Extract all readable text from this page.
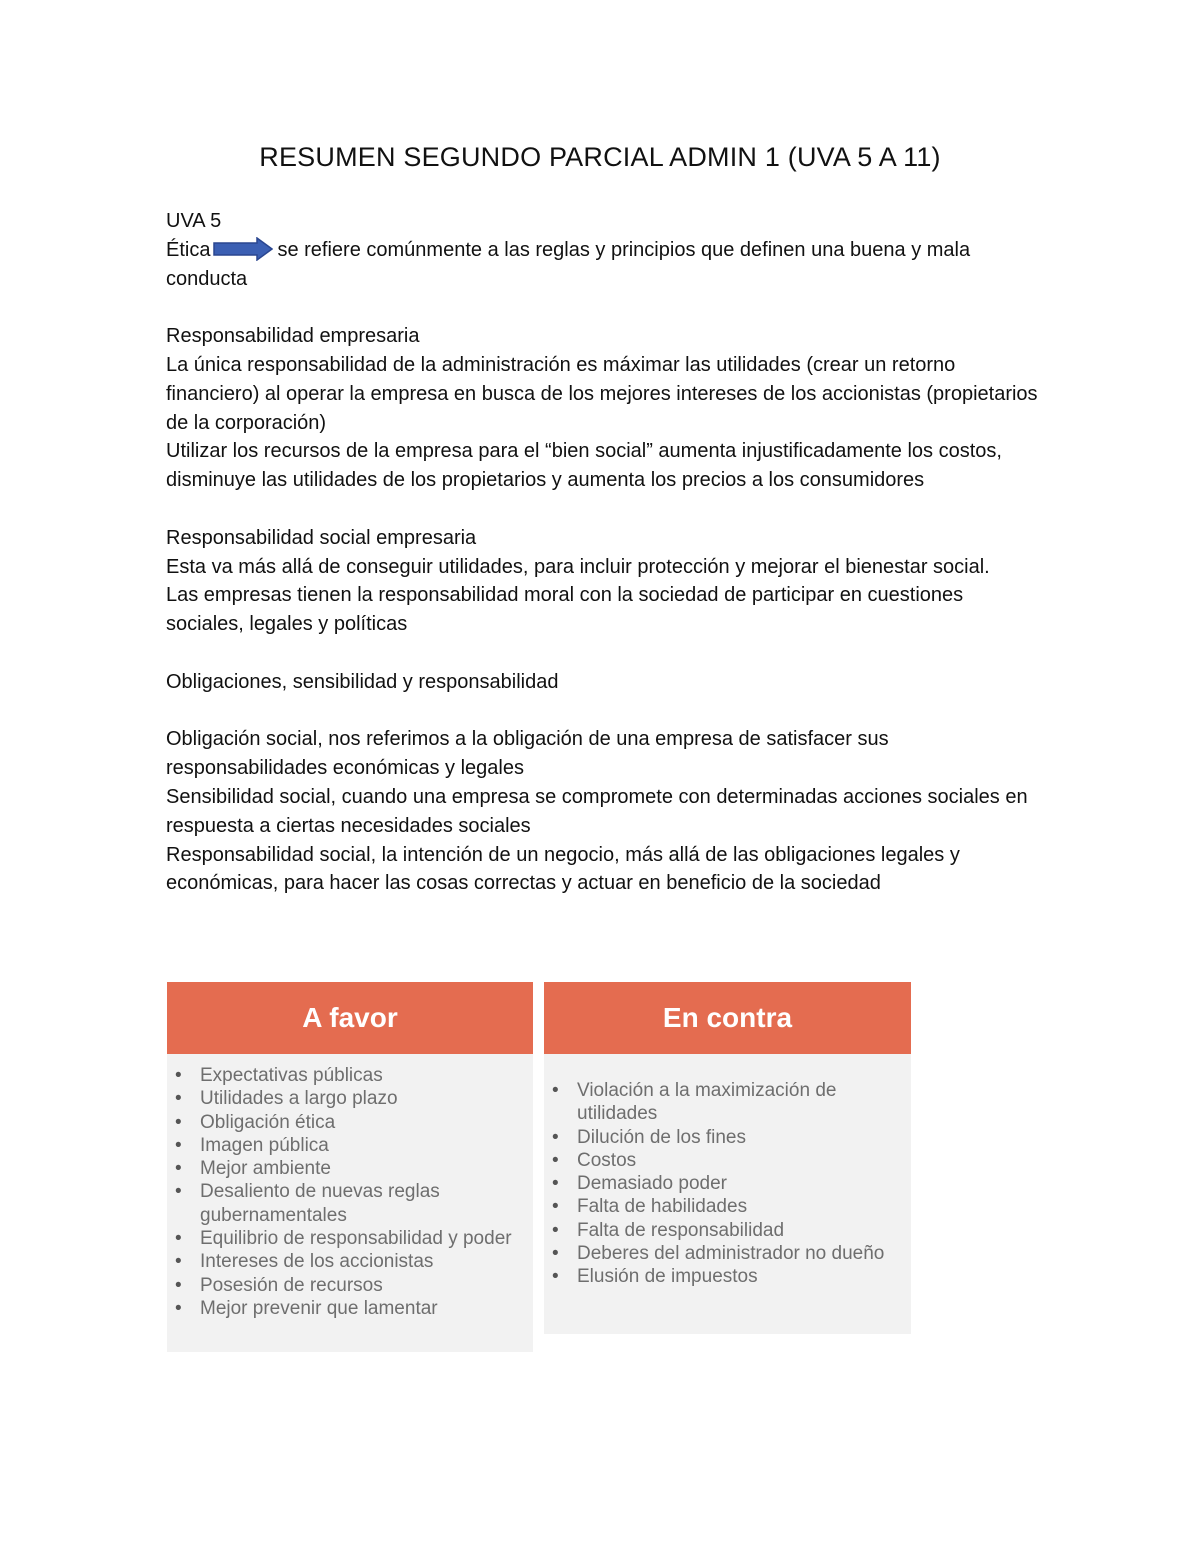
RESUMEN SEGUNDO PARCIAL ADMIN 1 (UVA 5 A 11)

UVA 5

Ética	se refiere comúnmente a las reglas y principios que definen una buena y mala conducta

Responsabilidad empresaria

La única responsabilidad de la administración es máximar las utilidades (crear un retorno financiero) al operar la empresa en busca de los mejores intereses de los accionistas (propietarios de la corporación)

Utilizar los recursos de la empresa para el “bien social” aumenta injustificadamente los costos, disminuye las utilidades de los propietarios y aumenta los precios a los consumidores

Responsabilidad social empresaria

Esta va más allá de conseguir utilidades, para incluir protección y mejorar el bienestar social.

Las empresas tienen la responsabilidad moral con la sociedad de participar en cuestiones sociales, legales y políticas

Obligaciones, sensibilidad y responsabilidad

Obligación social, nos referimos a la obligación de una empresa de satisfacer sus responsabilidades económicas y legales

Sensibilidad social, cuando una empresa se compromete con determinadas acciones sociales en respuesta a ciertas necesidades sociales

Responsabilidad social, la intención de un negocio, más allá de las obligaciones legales y económicas, para hacer las cosas correctas y actuar en beneficio de la sociedad

A favor
• Expectativas públicas
• Utilidades a largo plazo
• Obligación ética
• Imagen pública
• Mejor ambiente
• Desaliento de nuevas reglas gubernamentales
• Equilibrio de responsabilidad y poder
• Intereses de los accionistas
• Posesión de recursos
• Mejor prevenir que lamentar
En contra
• Violación a la maximización de utilidades
• Dilución de los fines
• Costos
• Demasiado poder
• Falta de habilidades
• Falta de responsabilidad
• Deberes del administrador no dueño
• Elusión de impuestos
